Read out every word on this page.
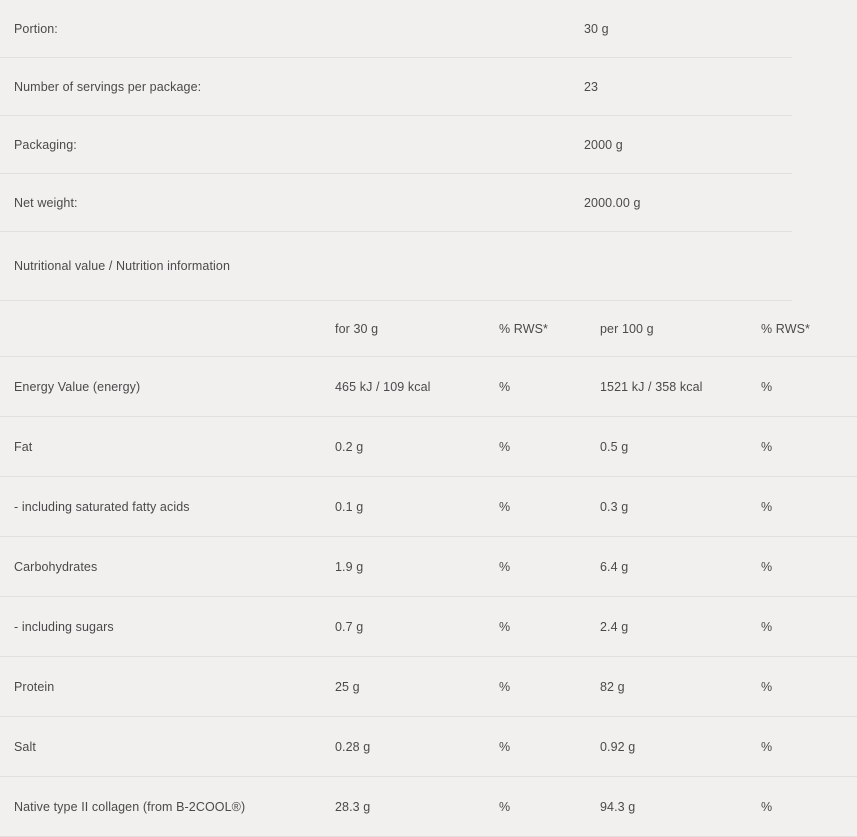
Portion:	30 g
Number of servings per package:	23
Packaging:	2000 g
Net weight:	2000.00 g
Nutritional value / Nutrition information	
	for 30 g	% RWS*	per 100 g	% RWS*
Energy Value (energy)	465 kJ / 109 kcal	%	1521 kJ / 358 kcal	%
Fat	0.2 g	%	0.5 g	%
- including saturated fatty acids	0.1 g	%	0.3 g	%
Carbohydrates	1.9 g	%	6.4 g	%
- including sugars	0.7 g	%	2.4 g	%
Protein	25 g	%	82 g	%
Salt	0.28 g	%	0.92 g	%
Native type II collagen (from B-2COOL®)	28.3 g	%	94.3 g	%
